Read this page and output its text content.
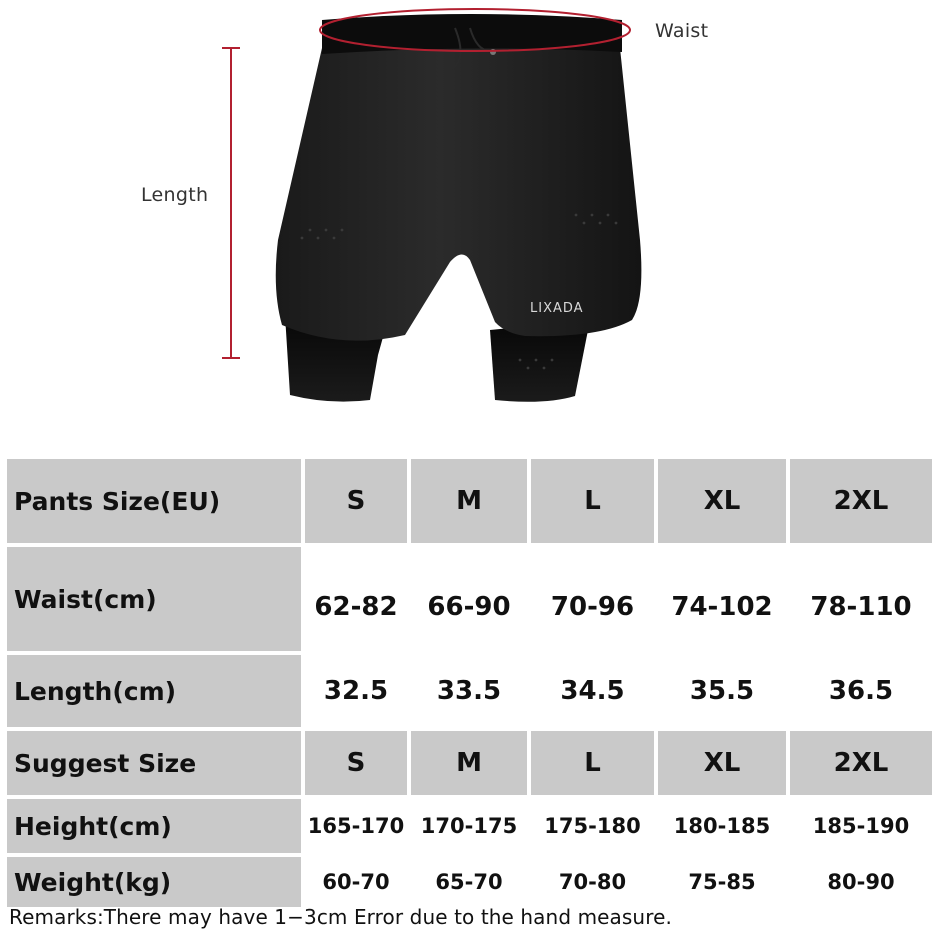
LIXADA
Waist
Length
Pants Size(EU)	S	M	L	XL	2XL
Waist(cm)	62-82	66-90	70-96	74-102	78-110
Length(cm)	32.5	33.5	34.5	35.5	36.5
Suggest Size	S	M	L	XL	2XL
Height(cm)	165-170	170-175	175-180	180-185	185-190
Weight(kg)	60-70	65-70	70-80	75-85	80-90
Remarks:There may have 1−3cm Error due to the hand measure.
